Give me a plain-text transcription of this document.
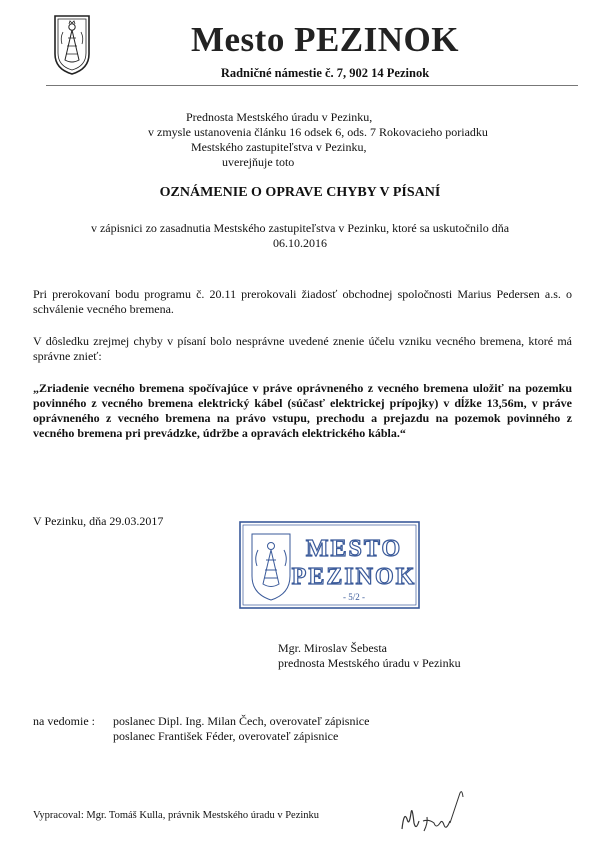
Mesto PEZINOK
Radničné námestie č. 7, 902 14 Pezinok
Prednosta Mestského úradu v Pezinku,
v zmysle ustanovenia článku 16 odsek 6, ods. 7 Rokovacieho poriadku
Mestského zastupiteľstva v Pezinku,
uverejňuje toto
OZNÁMENIE O OPRAVE CHYBY V PÍSANÍ
v zápisnici zo zasadnutia Mestského zastupiteľstva v Pezinku, ktoré sa uskutočnilo dňa
06.10.2016
Pri prerokovaní bodu programu č. 20.11 prerokovali žiadosť obchodnej spoločnosti Marius Pedersen a.s. o schválenie vecného bremena.
V dôsledku zrejmej chyby v písaní bolo nesprávne uvedené znenie účelu vzniku vecného bremena, ktoré má správne znieť:
„Zriadenie vecného bremena spočívajúce v práve oprávneného z vecného bremena uložiť na pozemku povinného z vecného bremena elektrický kábel (súčasť elektrickej prípojky) v dĺžke 13,56m, v práve oprávneného z vecného bremena na právo vstupu, prechodu a prejazdu na pozemok povinného z vecného bremena pri prevádzke, údržbe a opravách elektrického kábla.“
V Pezinku, dňa 29.03.2017
MESTO
PEZINOK
- 5/2 -
Mgr. Miroslav Šebesta
prednosta Mestského úradu v Pezinku
na vedomie : poslanec Dipl. Ing. Milan Čech, overovateľ zápisnice
poslanec František Féder, overovateľ zápisnice
Vypracoval: Mgr. Tomáš Kulla, právnik Mestského úradu v Pezinku
